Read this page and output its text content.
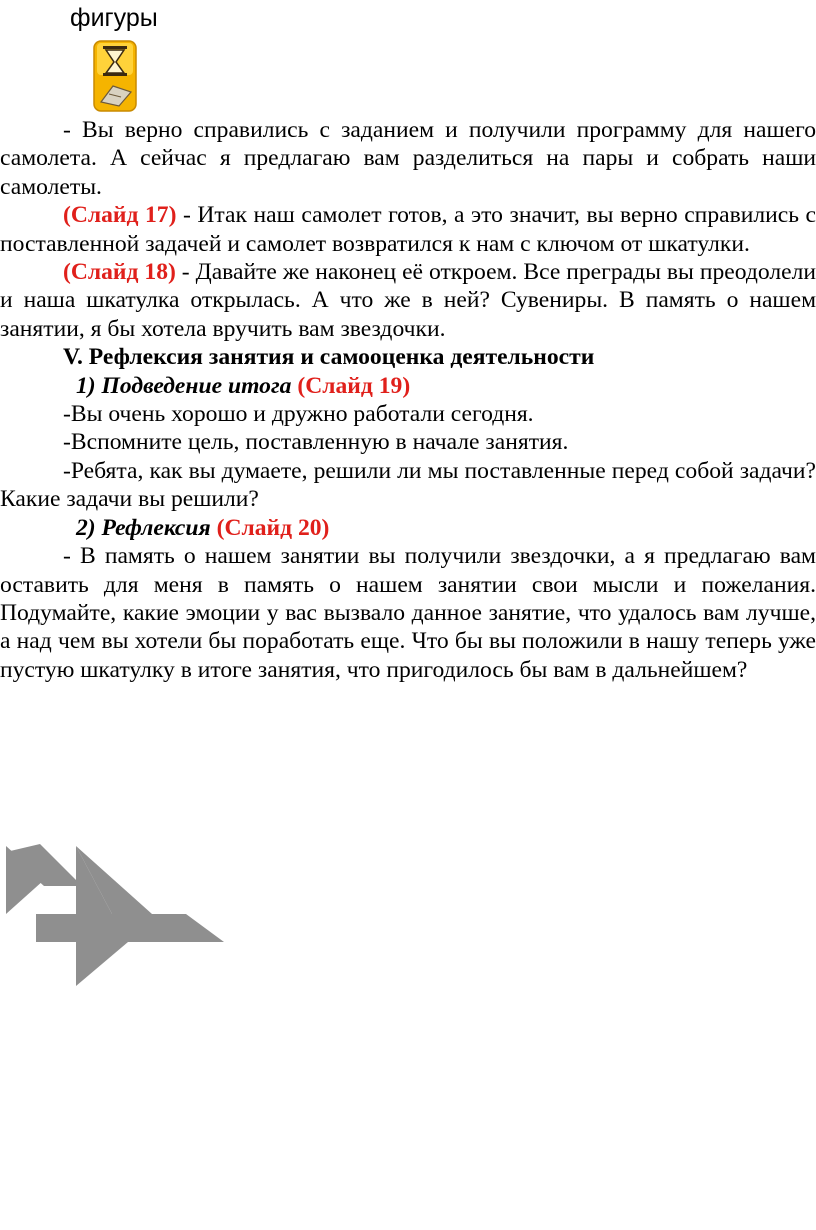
фигуры

- Вы верно справились с заданием и получили программу для нашего самолета. А сейчас я предлагаю вам разделиться на пары и собрать наши самолеты.

(Слайд 17) - Итак наш самолет готов, а это значит, вы верно справились с поставленной задачей и самолет возвратился к нам с ключом от шкатулки.

(Слайд 18) - Давайте же наконец её откроем. Все преграды вы преодолели и наша шкатулка открылась. А что же в ней? Сувениры. В память о нашем занятии, я бы хотела вручить вам звездочки.

V. Рефлексия занятия и самооценка деятельности

1) Подведение итога (Слайд 19)

-Вы очень хорошо и дружно работали сегодня.

-Вспомните цель, поставленную в начале занятия.

-Ребята, как вы думаете, решили ли мы поставленные перед собой задачи? Какие задачи вы решили?

2) Рефлексия (Слайд 20)

- В память о нашем занятии вы получили звездочки, а я предлагаю вам оставить для меня в память о нашем занятии свои мысли и пожелания. Подумайте, какие эмоции у вас вызвало данное занятие, что удалось вам лучше, а над чем вы хотели бы поработать еще. Что бы вы положили в нашу теперь уже пустую шкатулку в итоге занятия, что пригодилось бы вам в дальнейшем?
